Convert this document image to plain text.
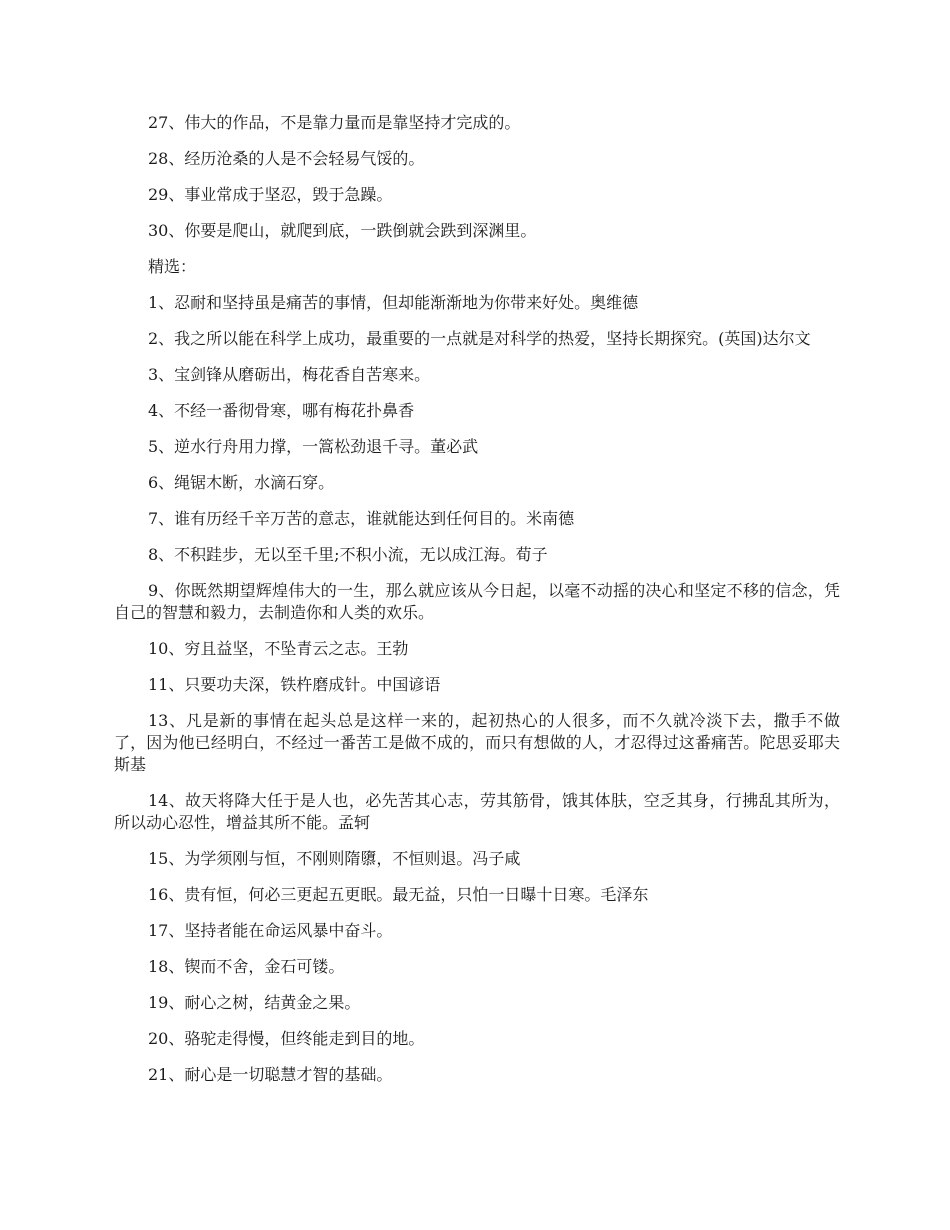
27、伟大的作品，不是靠力量而是靠坚持才完成的。

28、经历沧桑的人是不会轻易气馁的。

29、事业常成于坚忍，毁于急躁。

30、你要是爬山，就爬到底，一跌倒就会跌到深渊里。

精选：

1、忍耐和坚持虽是痛苦的事情，但却能渐渐地为你带来好处。奥维德

2、我之所以能在科学上成功，最重要的一点就是对科学的热爱，坚持长期探究。(英国)达尔文

3、宝剑锋从磨砺出，梅花香自苦寒来。

4、不经一番彻骨寒，哪有梅花扑鼻香

5、逆水行舟用力撑，一篙松劲退千寻。董必武

6、绳锯木断，水滴石穿。

7、谁有历经千辛万苦的意志，谁就能达到任何目的。米南德

8、不积跬步，无以至千里;不积小流，无以成江海。荀子

9、你既然期望辉煌伟大的一生，那么就应该从今日起，以毫不动摇的决心和坚定不移的信念，凭自己的智慧和毅力，去制造你和人类的欢乐。

10、穷且益坚，不坠青云之志。王勃

11、只要功夫深，铁杵磨成针。中国谚语

13、凡是新的事情在起头总是这样一来的，起初热心的人很多，而不久就冷淡下去，撒手不做了，因为他已经明白，不经过一番苦工是做不成的，而只有想做的人，才忍得过这番痛苦。陀思妥耶夫斯基

14、故天将降大任于是人也，必先苦其心志，劳其筋骨，饿其体肤，空乏其身，行拂乱其所为，所以动心忍性，增益其所不能。孟轲

15、为学须刚与恒，不刚则隋隳，不恒则退。冯子咸

16、贵有恒，何必三更起五更眠。最无益，只怕一日曝十日寒。毛泽东

17、坚持者能在命运风暴中奋斗。

18、锲而不舍，金石可镂。

19、耐心之树，结黄金之果。

20、骆驼走得慢，但终能走到目的地。

21、耐心是一切聪慧才智的基础。
